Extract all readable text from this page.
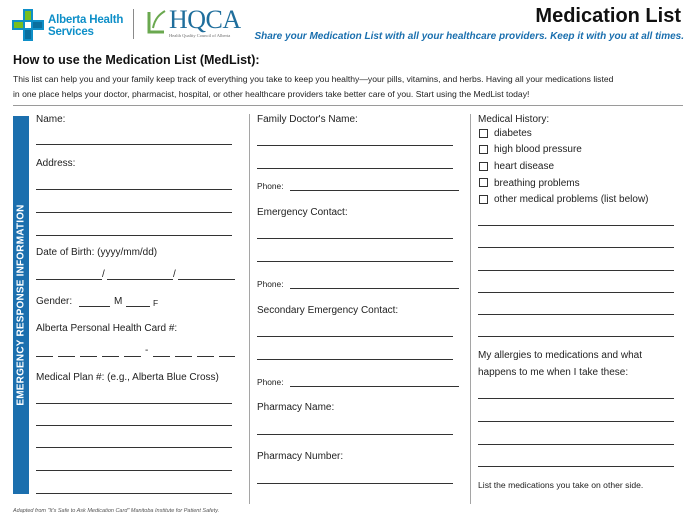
Alberta Health
Services	HQCA
Health Quality Council of Alberta
Medication List
Share your Medication List with all your healthcare providers. Keep it with you at all times.
How to use the Medication List (MedList):
This list can help you and your family keep track of everything you take to keep you healthy—your pills, vitamins, and herbs. Having all your medications listed
in one place helps your doctor, pharmacist, hospital, or other healthcare providers take better care of you. Start using the MedList today!
EMERGENCY RESPONSE INFORMATION
Name:
Address:
Date of Birth: (yyyy/mm/dd)
/	/
Gender:	M	F
Alberta Personal Health Card #:
-
Medical Plan #: (e.g., Alberta Blue Cross)
Family Doctor's Name:
Phone:
Emergency Contact:
Phone:
Secondary Emergency Contact:
Phone:
Pharmacy Name:
Pharmacy Number:
Medical History:
diabetes
high blood pressure
heart disease
breathing problems
other medical problems (list below)
My allergies to medications and what
happens to me when I take these:
List the medications you take on other side.
Adapted from "It's Safe to Ask Medication Card" Manitoba Institute for Patient Safety.
